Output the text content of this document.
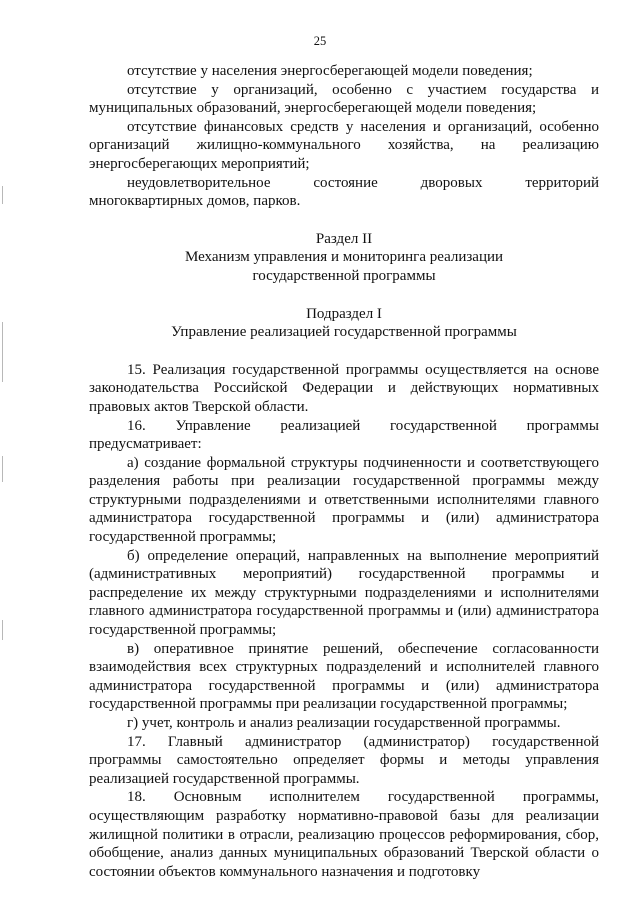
25

отсутствие у населения энергосберегающей модели поведения;

отсутствие у организаций, особенно с участием государства и муниципальных образований, энергосберегающей модели поведения;

отсутствие финансовых средств у населения и организаций, особенно организаций жилищно-коммунального хозяйства, на реализацию энергосберегающих мероприятий;

неудовлетворительное состояние дворовых территорий многоквартирных домов, парков.

Раздел II

Механизм управления и мониторинга реализации

государственной программы

Подраздел I

Управление реализацией государственной программы

15. Реализация государственной программы осуществляется на основе законодательства Российской Федерации и действующих нормативных правовых актов Тверской области.

16. Управление реализацией государственной программы предусматривает:

а) создание формальной структуры подчиненности и соответствующего разделения работы при реализации государственной программы между структурными подразделениями и ответственными исполнителями главного администратора государственной программы и (или) администратора государственной программы;

б) определение операций, направленных на выполнение мероприятий (административных мероприятий) государственной программы и распределение их между структурными подразделениями и исполнителями главного администратора государственной программы и (или) администратора государственной программы;

в) оперативное принятие решений, обеспечение согласованности взаимодействия всех структурных подразделений и исполнителей главного администратора государственной программы и (или) администратора государственной программы при реализации государственной программы;

г) учет, контроль и анализ реализации государственной программы.

17. Главный администратор (администратор) государственной программы самостоятельно определяет формы и методы управления реализацией государственной программы.

18. Основным исполнителем государственной программы, осуществляющим разработку нормативно-правовой базы для реализации жилищной политики в отрасли, реализацию процессов реформирования, сбор, обобщение, анализ данных муниципальных образований Тверской области о состоянии объектов коммунального назначения и подготовку
